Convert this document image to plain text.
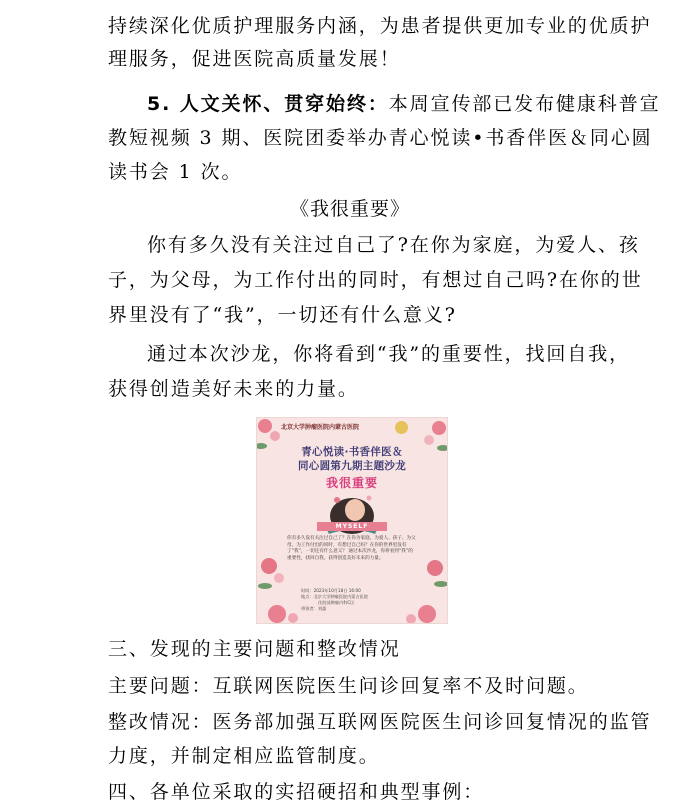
持续深化优质护理服务内涵，为患者提供更加专业的优质护
理服务，促进医院高质量发展！
5. 人文关怀、贯穿始终：本周宣传部已发布健康科普宣
教短视频 3 期、医院团委举办青心悦读•书香伴医＆同心圆
读书会 1 次。
《我很重要》
你有多久没有关注过自己了?在你为家庭，为爱人、孩
子，为父母，为工作付出的同时，有想过自己吗?在你的世
界里没有了“我”，一切还有什么意义?
通过本次沙龙，你将看到“我”的重要性，找回自我，
获得创造美好未来的力量。
北京大学肿瘤医院内蒙古医院
青心悦读·书香伴医＆
同心圆第九期主题沙龙
我很重要
MYSELF
你有多久没有关注过自己了？在你为家庭、为爱人、孩子、为父母，为工作付出的同时，有想过自己吗？在你的世界里没有了“我”，一切还有什么意义？ 通过本次沙龙，你将看到“我”的重要性，找回自我，获得创造美好未来的力量。
时间：2023年10月18日 16:00
地点：北京大学肿瘤医院内蒙古医院
住院部肿瘤内科C区
带领者：刘惠
三、发现的主要问题和整改情况
主要问题：互联网医院医生问诊回复率不及时问题。
整改情况：医务部加强互联网医院医生问诊回复情况的监管
力度，并制定相应监管制度。
四、各单位采取的实招硬招和典型事例：
